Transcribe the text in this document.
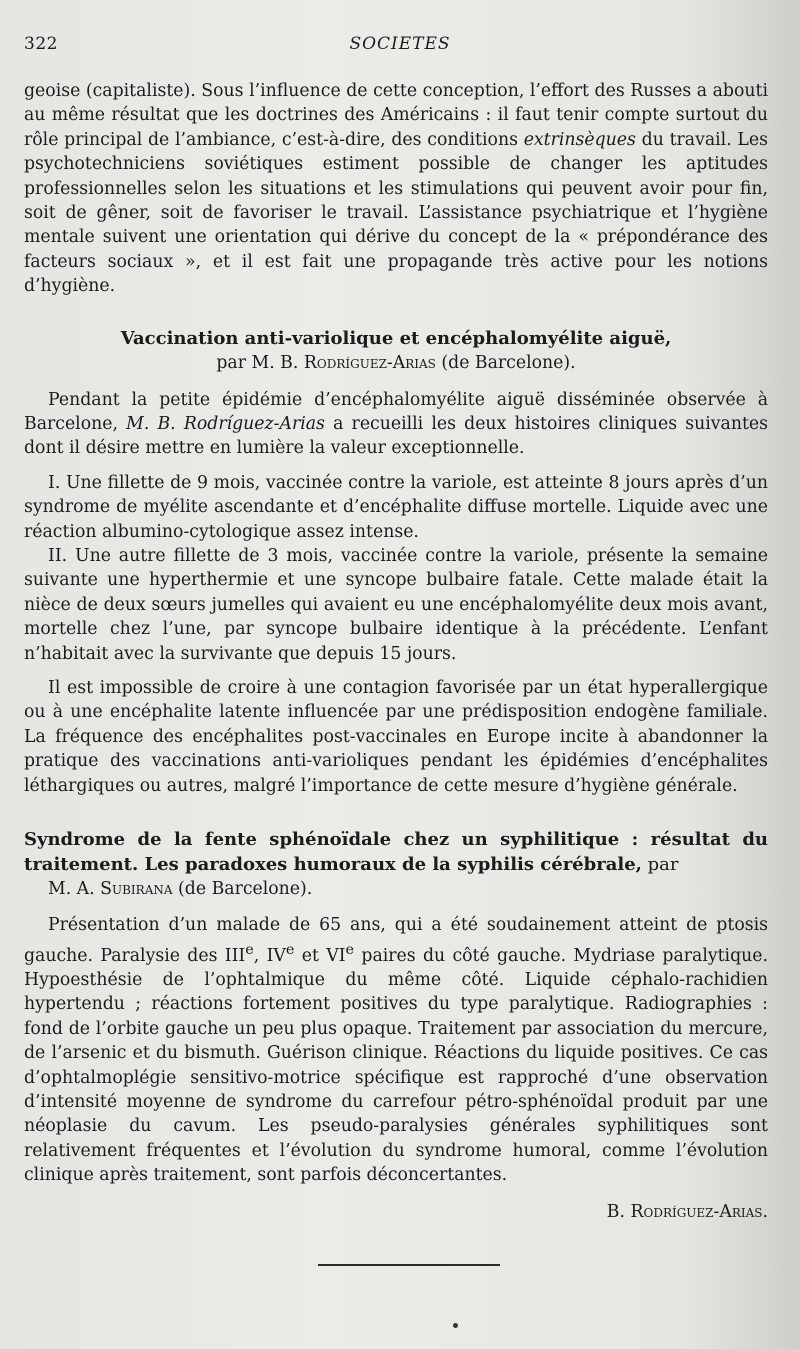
322	SOCIETES

geoise (capitaliste). Sous l’influence de cette conception, l’effort des Russes a abouti au même résultat que les doctrines des Américains : il faut tenir compte surtout du rôle principal de l’ambiance, c’est-à-dire, des conditions extrinsèques du travail. Les psychotechniciens soviétiques estiment possible de changer les aptitudes professionnelles selon les situations et les stimulations qui peuvent avoir pour fin, soit de gêner, soit de favoriser le travail. L’assistance psychiatrique et l’hygiène mentale suivent une orientation qui dérive du concept de la « prépondérance des facteurs sociaux », et il est fait une propagande très active pour les notions d’hygiène.

Vaccination anti-variolique et encéphalomyélite aiguë,
par M. B. Rodríguez-Arias (de Barcelone).

Pendant la petite épidémie d’encéphalomyélite aiguë disséminée observée à Barcelone, M. B. Rodríguez-Arias a recueilli les deux histoires cliniques suivantes dont il désire mettre en lumière la valeur exceptionnelle.

I. Une fillette de 9 mois, vaccinée contre la variole, est atteinte 8 jours après d’un syndrome de myélite ascendante et d’encéphalite diffuse mortelle. Liquide avec une réaction albumino-cytologique assez intense.

II. Une autre fillette de 3 mois, vaccinée contre la variole, présente la semaine suivante une hyperthermie et une syncope bulbaire fatale. Cette malade était la nièce de deux sœurs jumelles qui avaient eu une encéphalomyélite deux mois avant, mortelle chez l’une, par syncope bulbaire identique à la précédente. L’enfant n’habitait avec la survivante que depuis 15 jours.

Il est impossible de croire à une contagion favorisée par un état hyperallergique ou à une encéphalite latente influencée par une prédisposition endogène familiale. La fréquence des encéphalites post-vaccinales en Europe incite à abandonner la pratique des vaccinations anti-varioliques pendant les épidémies d’encéphalites léthargiques ou autres, malgré l’importance de cette mesure d’hygiène générale.

Syndrome de la fente sphénoïdale chez un syphilitique : résultat du traitement. Les paradoxes humoraux de la syphilis cérébrale, par
M. A. Subirana (de Barcelone).

Présentation d’un malade de 65 ans, qui a été soudainement atteint de ptosis gauche. Paralysie des IIIe, IVe et VIe paires du côté gauche. Mydriase paralytique. Hypoesthésie de l’ophtalmique du même côté. Liquide céphalo-rachidien hypertendu ; réactions fortement positives du type paralytique. Radiographies : fond de l’orbite gauche un peu plus opaque. Traitement par association du mercure, de l’arsenic et du bismuth. Guérison clinique. Réactions du liquide positives. Ce cas d’ophtalmoplégie sensitivo-motrice spécifique est rapproché d’une observation d’intensité moyenne de syndrome du carrefour pétro-sphénoïdal produit par une néoplasie du cavum. Les pseudo-paralysies générales syphilitiques sont relativement fréquentes et l’évolution du syndrome humoral, comme l’évolution clinique après traitement, sont parfois déconcertantes.

B. Rodríguez-Arias.
